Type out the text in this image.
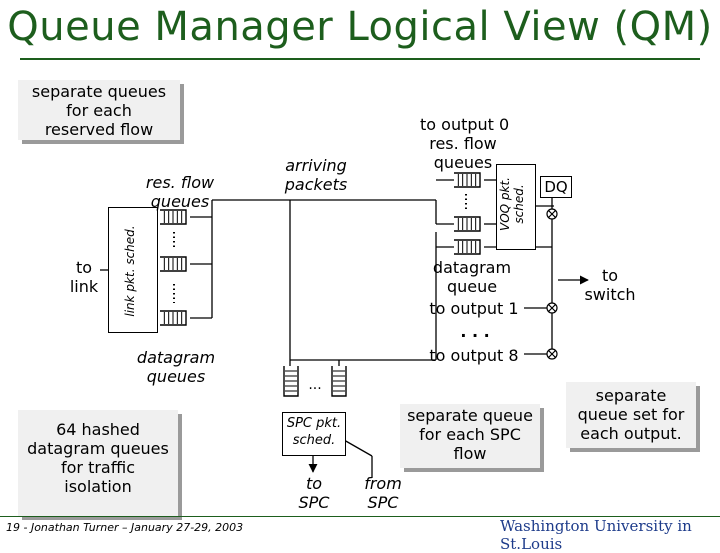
Queue Manager Logical View (QM)
separate queues
for each
reserved flow
64 hashed
datagram queues
for traffic
isolation
separate queue
for each SPC
flow
separate
queue set for
each output.
to
link	link pkt. sched.
res. flow
queues
datagram
queues
arriving
packets
to output 0
res. flow
queues
VOQ pkt. sched. DQ
datagram
queue
to output 1
. . .
to output 8
to
switch
...
SPC pkt.
sched.
to
SPC
from
SPC
19 - Jonathan Turner – January 27-29, 2003	Washington University in St.Louis
